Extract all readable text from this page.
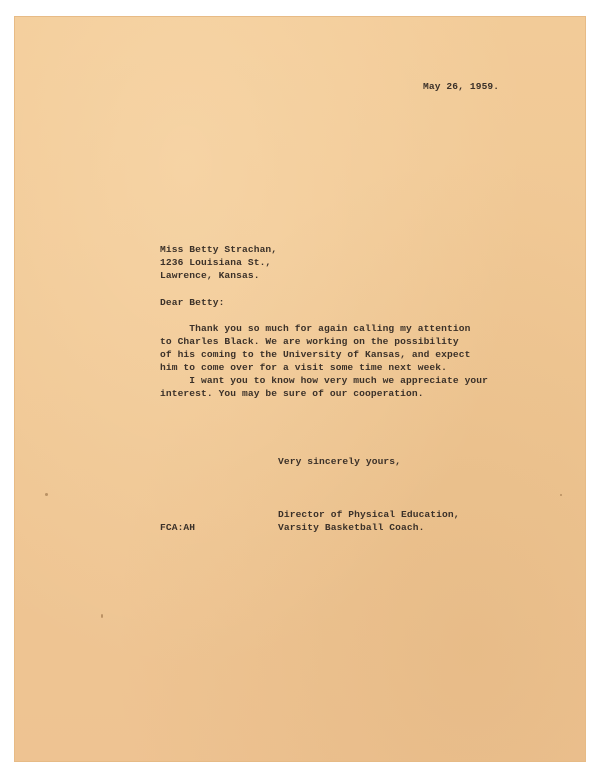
May 26, 1959.
Miss Betty Strachan,
1236 Louisiana St.,
Lawrence, Kansas.
Dear Betty:
Thank you so much for again calling my attention
to Charles Black. We are working on the possibility
of his coming to the University of Kansas, and expect
him to come over for a visit some time next week.
I want you to know how very much we appreciate your
interest. You may be sure of our cooperation.
Very sincerely yours,
Director of Physical Education,
Varsity Basketball Coach.
FCA:AH
